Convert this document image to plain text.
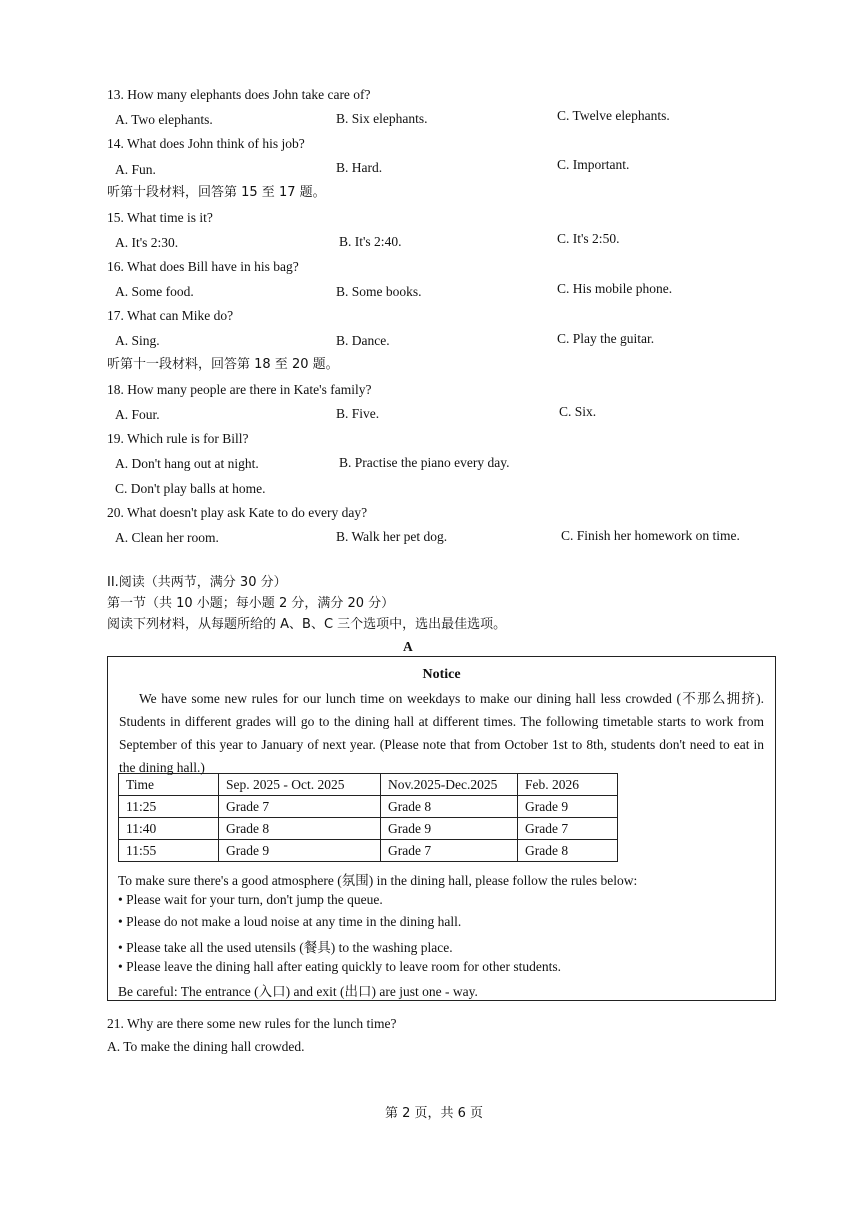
13. How many elephants does John take care of?
A. Two elephants.	B. Six elephants.	C. Twelve elephants.
14. What does John think of his job?
A. Fun.	B. Hard.	C. Important.
听第十段材料，回答第 15 至 17 题。
15. What time is it?
A. It's 2:30.	B. It's 2:40.	C. It's 2:50.
16. What does Bill have in his bag?
A. Some food.	B. Some books.	C. His mobile phone.
17. What can Mike do?
A. Sing.	B. Dance.	C. Play the guitar.
听第十一段材料，回答第 18 至 20 题。
18. How many people are there in Kate's family?
A. Four.	B. Five.	C. Six.
19. Which rule is for Bill?
A. Don't hang out at night.	B. Practise the piano every day.
C. Don't play balls at home.
20. What doesn't play ask Kate to do every day?
A. Clean her room.	B. Walk her pet dog.	C. Finish her homework on time.
II.阅读（共两节，满分 30 分）
第一节（共 10 小题；每小题 2 分，满分 20 分）
阅读下列材料，从每题所给的 A、B、C 三个选项中，选出最佳选项。
A
Notice
We have some new rules for our lunch time on weekdays to make our dining hall less crowded (不那么拥挤). Students in different grades will go to the dining hall at different times. The following timetable starts to work from September of this year to January of next year. (Please note that from October 1st to 8th, students don't need to eat in the dining hall.)
Time	Sep. 2025 - Oct. 2025	Nov.2025-Dec.2025	Feb. 2026
11:25	Grade 7	Grade 8	Grade 9
11:40	Grade 8	Grade 9	Grade 7
11:55	Grade 9	Grade 7	Grade 8
To make sure there's a good atmosphere (氛围) in the dining hall, please follow the rules below:
• Please wait for your turn, don't jump the queue.
• Please do not make a loud noise at any time in the dining hall.
• Please take all the used utensils (餐具) to the washing place.
• Please leave the dining hall after eating quickly to leave room for other students.
Be careful: The entrance (入口) and exit (出口) are just one - way.
21. Why are there some new rules for the lunch time?
A. To make the dining hall crowded.
第 2 页，共 6 页
